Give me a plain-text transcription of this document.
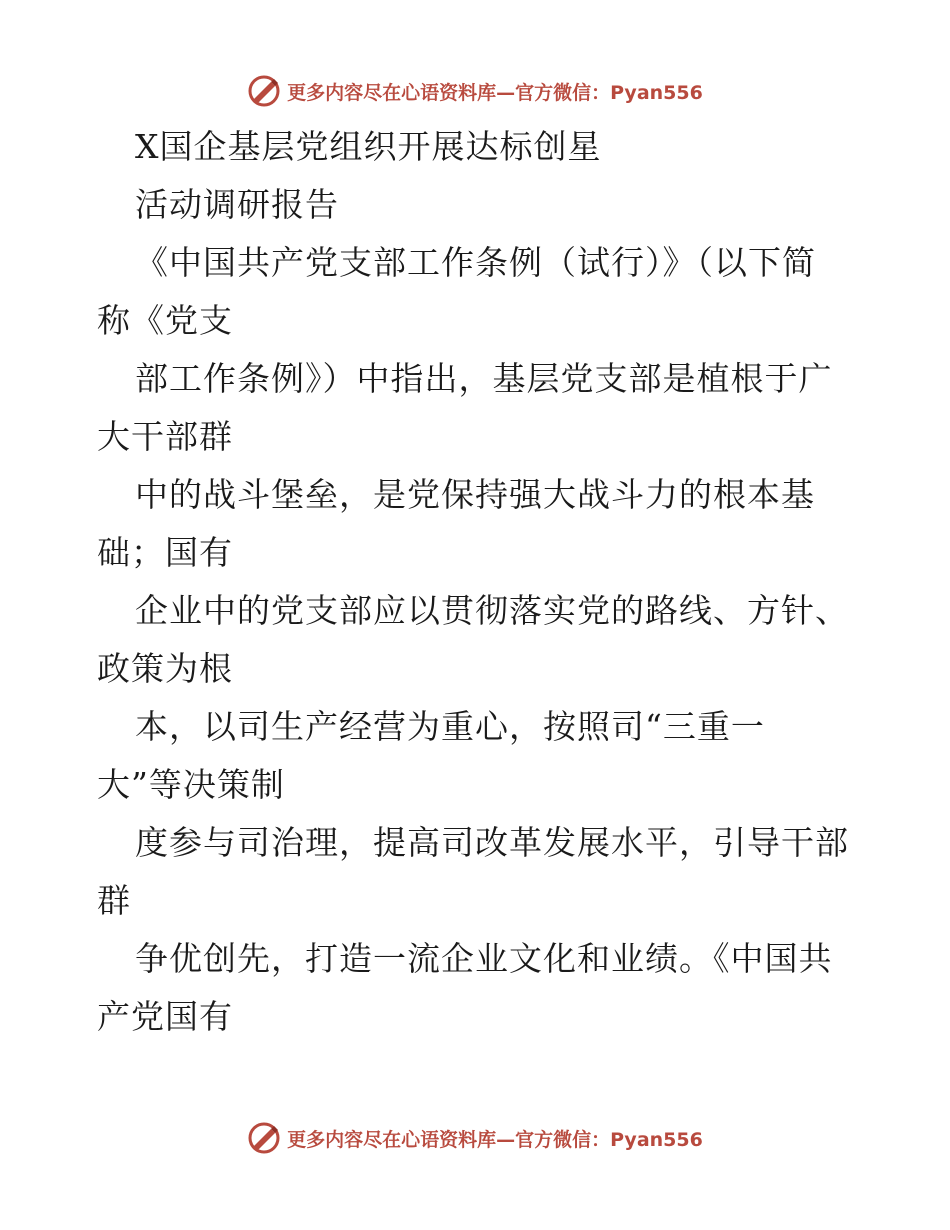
更多内容尽在心语资料库—官方微信：Pyan556
X国企基层党组织开展达标创星
活动调研报告
《中国共产党支部工作条例（试行）》（以下简
称《党支
部工作条例》）中指出，基层党支部是植根于广
大干部群
中的战斗堡垒，是党保持强大战斗力的根本基
础；国有
企业中的党支部应以贯彻落实党的路线、方针、
政策为根
本，以司生产经营为重心，按照司“三重一
大”等决策制
度参与司治理，提高司改革发展水平，引导干部
群
争优创先，打造一流企业文化和业绩。《中国共
产党国有
更多内容尽在心语资料库—官方微信：Pyan556
